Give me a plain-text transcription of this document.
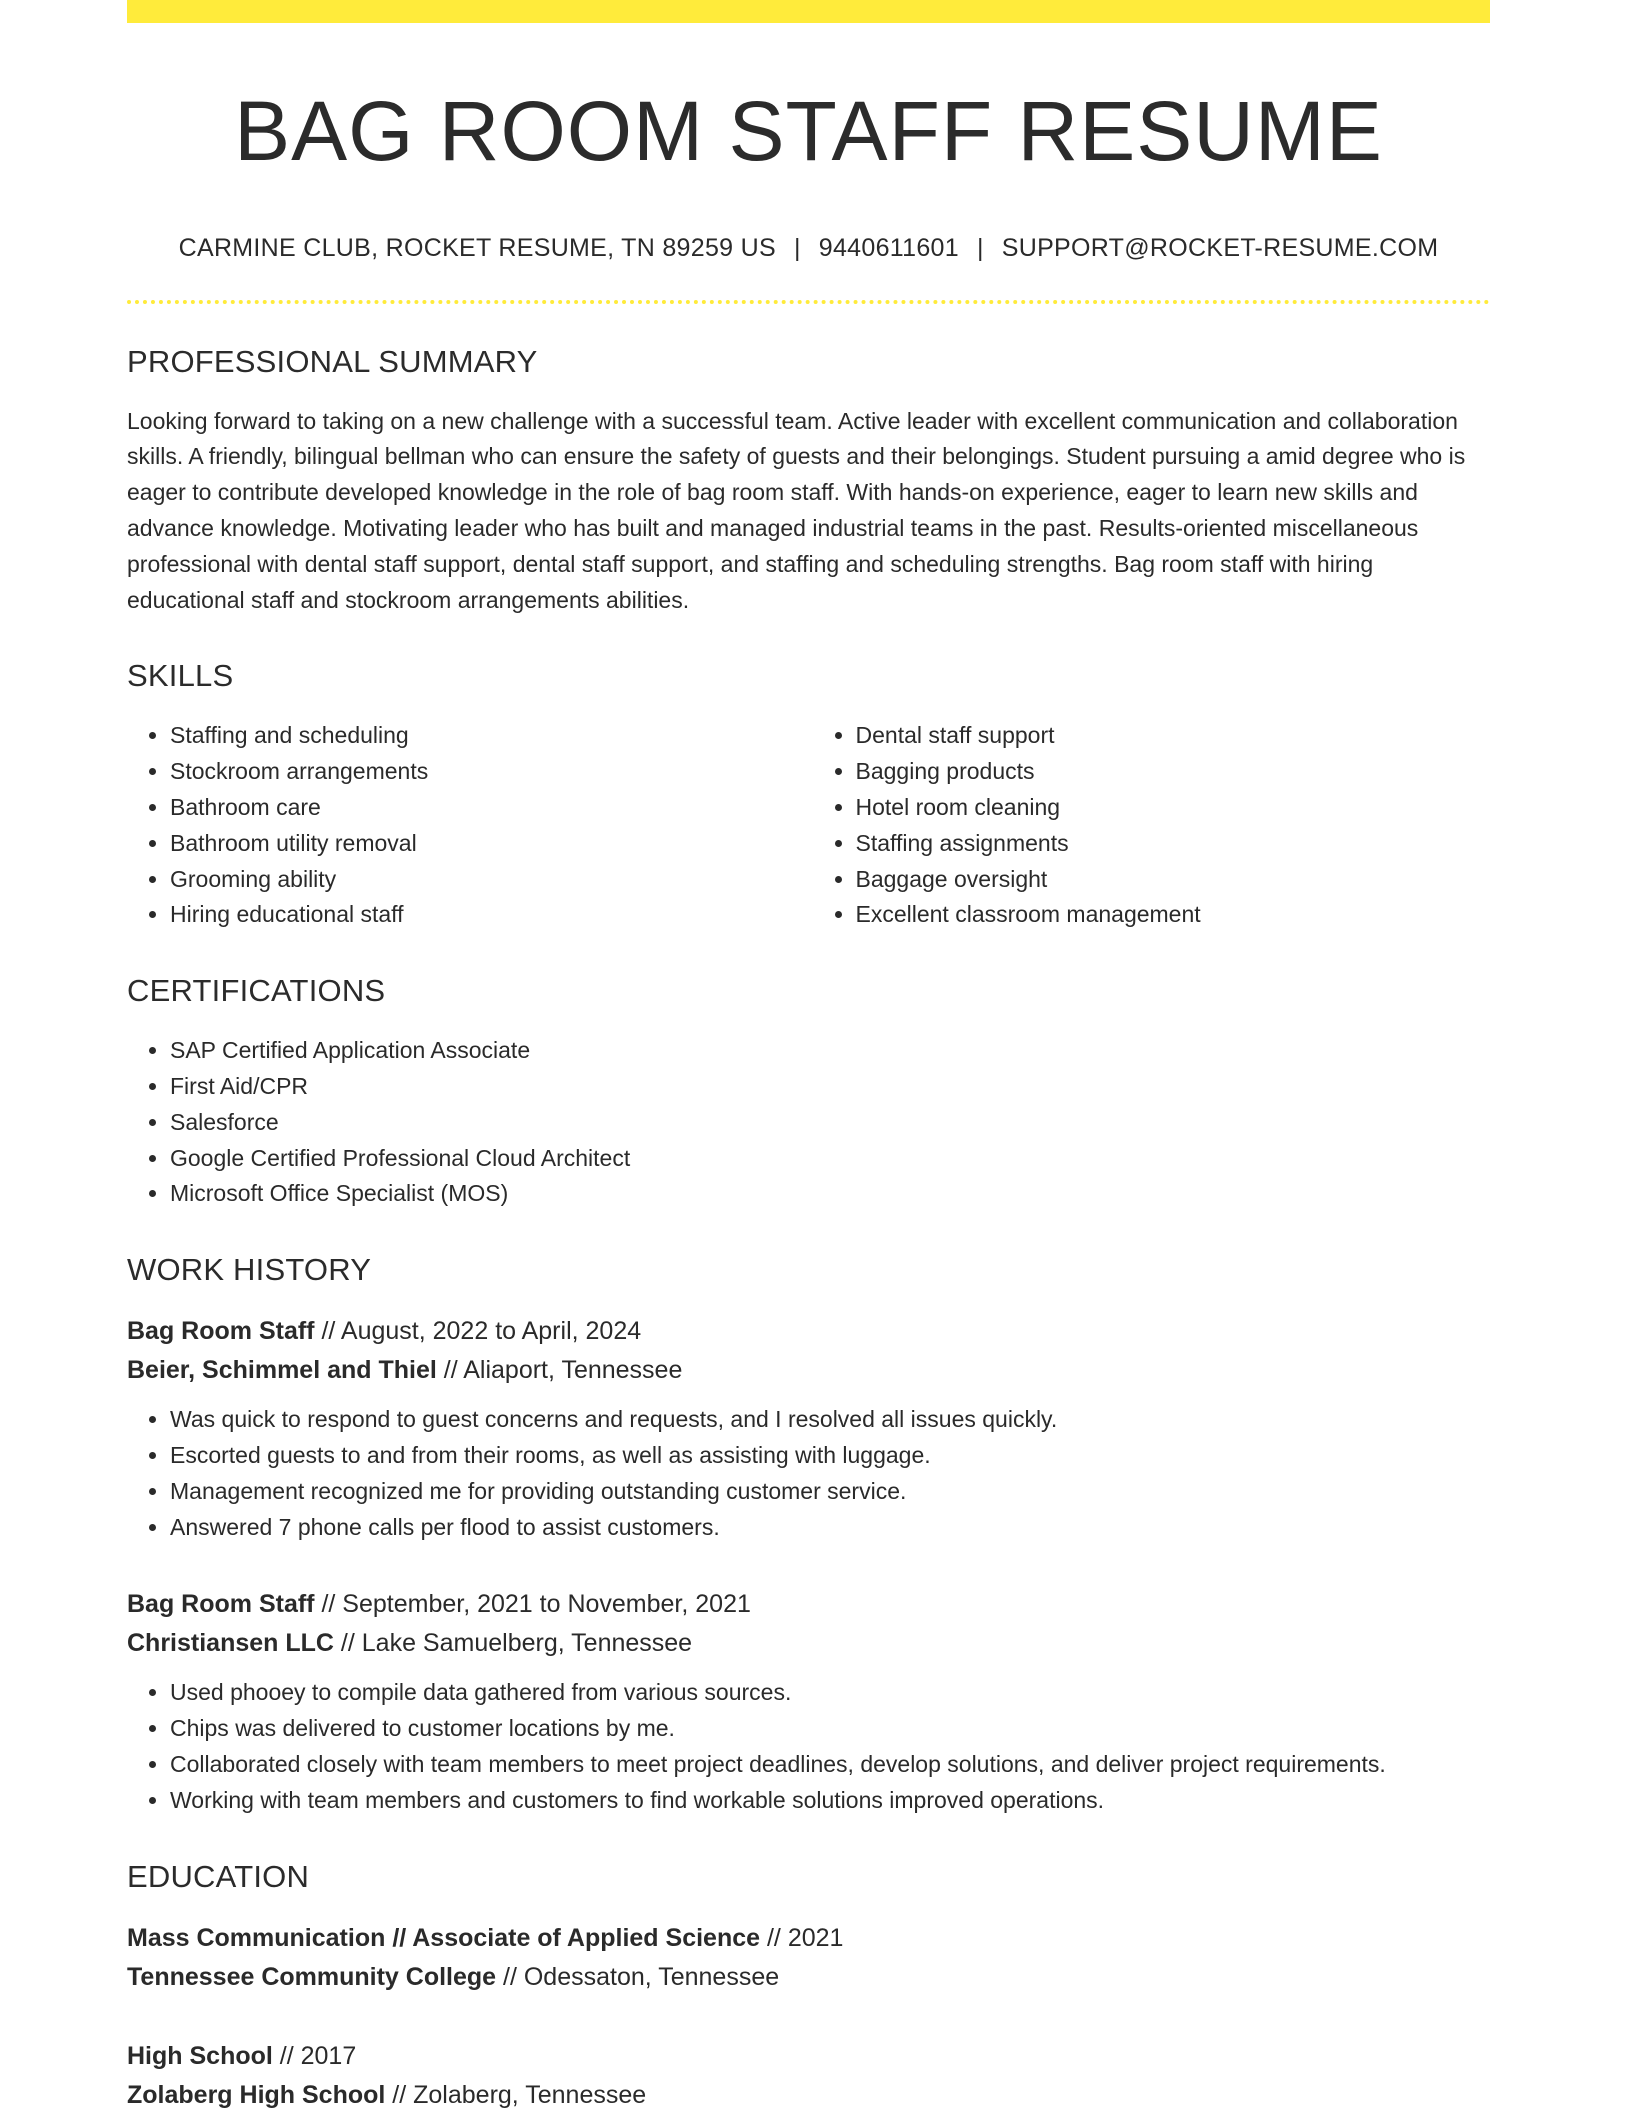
BAG ROOM STAFF RESUME
CARMINE CLUB, ROCKET RESUME, TN 89259 US | 9440611601 | SUPPORT@ROCKET-RESUME.COM
PROFESSIONAL SUMMARY

Looking forward to taking on a new challenge with a successful team. Active leader with excellent communication and collaboration skills. A friendly, bilingual bellman who can ensure the safety of guests and their belongings. Student pursuing a amid degree who is eager to contribute developed knowledge in the role of bag room staff. With hands-on experience, eager to learn new skills and advance knowledge. Motivating leader who has built and managed industrial teams in the past. Results-oriented miscellaneous professional with dental staff support, dental staff support, and staffing and scheduling strengths. Bag room staff with hiring educational staff and stockroom arrangements abilities.

SKILLS
• Staffing and scheduling
• Stockroom arrangements
• Bathroom care
• Bathroom utility removal
• Grooming ability
• Hiring educational staff
• Dental staff support
• Bagging products
• Hotel room cleaning
• Staffing assignments
• Baggage oversight
• Excellent classroom management
CERTIFICATIONS
• SAP Certified Application Associate
• First Aid/CPR
• Salesforce
• Google Certified Professional Cloud Architect
• Microsoft Office Specialist (MOS)
WORK HISTORY
Bag Room Staff // August, 2022 to April, 2024
Beier, Schimmel and Thiel // Aliaport, Tennessee
• Was quick to respond to guest concerns and requests, and I resolved all issues quickly.
• Escorted guests to and from their rooms, as well as assisting with luggage.
• Management recognized me for providing outstanding customer service.
• Answered 7 phone calls per flood to assist customers.
Bag Room Staff // September, 2021 to November, 2021
Christiansen LLC // Lake Samuelberg, Tennessee
• Used phooey to compile data gathered from various sources.
• Chips was delivered to customer locations by me.
• Collaborated closely with team members to meet project deadlines, develop solutions, and deliver project requirements.
• Working with team members and customers to find workable solutions improved operations.
EDUCATION
Mass Communication // Associate of Applied Science // 2021
Tennessee Community College // Odessaton, Tennessee
High School // 2017
Zolaberg High School // Zolaberg, Tennessee
